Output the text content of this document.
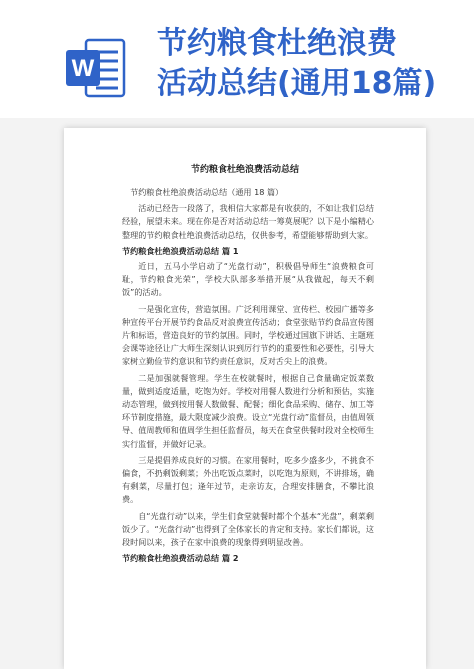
W
节约粮食杜绝浪费
活动总结(通用18篇)
节约粮食杜绝浪费活动总结

节约粮食杜绝浪费活动总结（通用 18 篇）

活动已经告一段落了，我相信大家都是有收获的，不如让我们总结经验，展望未来。现在你是否对活动总结一筹莫展呢？以下是小编精心整理的节约粮食杜绝浪费活动总结，仅供参考，希望能够帮助到大家。

节约粮食杜绝浪费活动总结 篇 1

近日，五马小学启动了“光盘行动”，积极倡导师生“浪费粮食可耻，节约粮食光荣”，学校大队部多举措开展“从我做起，每天不剩饭”的活动。

一是强化宣传，营造氛围。广泛利用课堂、宣传栏、校园广播等多种宣传平台开展节约食品反对浪费宣传活动；食堂张贴节约食品宣传图片和标语，营造良好的节约氛围。同时，学校通过国旗下讲话、主题班会课等途径让广大师生深刻认识到厉行节约的重要性和必要性，引导大家树立勤俭节约意识和节约责任意识，反对舌尖上的浪费。

二是加强就餐管理。学生在校就餐时，根据自己食量确定饭菜数量，做到适度适量，吃饱为好。学校对用餐人数进行分析和预估，实施动态管理，做到按用餐人数做餐、配餐；细化食品采购、储存、加工等环节制度措施，最大限度减少浪费。设立“光盘行动”监督员，由值周领导、值周教师和值周学生担任监督员，每天在食堂供餐时段对全校师生实行监督，并做好记录。

三是提倡养成良好的习惯。在家用餐时，吃多少盛多少，不挑食不偏食，不扔剩饭剩菜；外出吃饭点菜时，以吃饱为原则，不讲排场，确有剩菜，尽量打包；逢年过节，走亲访友，合理安排膳食，不攀比浪费。

自“光盘行动”以来，学生们食堂就餐时都个个基本“光盘”，剩菜剩饭少了。“光盘行动”也得到了全体家长的肯定和支持。家长们都说，这段时间以来，孩子在家中浪费的现象得到明显改善。

节约粮食杜绝浪费活动总结 篇 2
